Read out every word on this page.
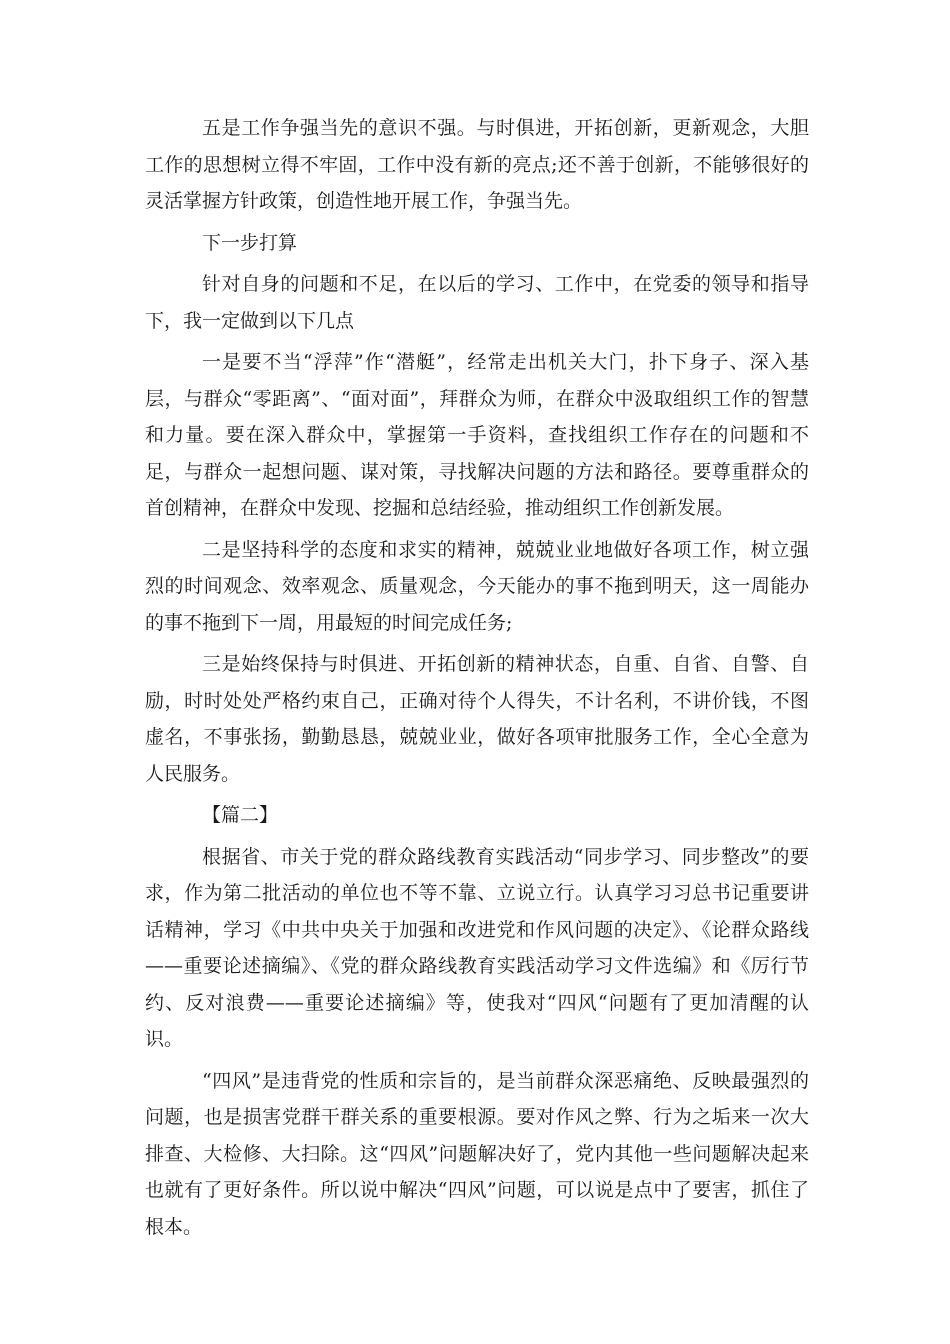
五是工作争强当先的意识不强。与时俱进，开拓创新，更新观念，大胆工作的思想树立得不牢固，工作中没有新的亮点;还不善于创新，不能够很好的灵活掌握方针政策，创造性地开展工作，争强当先。

下一步打算

针对自身的问题和不足，在以后的学习、工作中，在党委的领导和指导下，我一定做到以下几点

一是要不当“浮萍”作“潜艇”，经常走出机关大门，扑下身子、深入基层，与群众“零距离”、“面对面”，拜群众为师，在群众中汲取组织工作的智慧和力量。要在深入群众中，掌握第一手资料，查找组织工作存在的问题和不足，与群众一起想问题、谋对策，寻找解决问题的方法和路径。要尊重群众的首创精神，在群众中发现、挖掘和总结经验，推动组织工作创新发展。

二是坚持科学的态度和求实的精神，兢兢业业地做好各项工作，树立强烈的时间观念、效率观念、质量观念，今天能办的事不拖到明天，这一周能办的事不拖到下一周，用最短的时间完成任务;

三是始终保持与时俱进、开拓创新的精神状态，自重、自省、自警、自励，时时处处严格约束自己，正确对待个人得失，不计名利，不讲价钱，不图虚名，不事张扬，勤勤恳恳，兢兢业业，做好各项审批服务工作，全心全意为人民服务。

【篇二】

根据省、市关于党的群众路线教育实践活动“同步学习、同步整改”的要求，作为第二批活动的单位也不等不靠、立说立行。认真学习习总书记重要讲话精神，学习《中共中央关于加强和改进党和作风问题的决定》、《论群众路线——重要论述摘编》、《党的群众路线教育实践活动学习文件选编》和《厉行节约、反对浪费——重要论述摘编》等，使我对“四风“问题有了更加清醒的认识。

“四风”是违背党的性质和宗旨的，是当前群众深恶痛绝、反映最强烈的问题，也是损害党群干群关系的重要根源。要对作风之弊、行为之垢来一次大排查、大检修、大扫除。这“四风”问题解决好了，党内其他一些问题解决起来也就有了更好条件。所以说中解决“四风”问题，可以说是点中了要害，抓住了根本。
